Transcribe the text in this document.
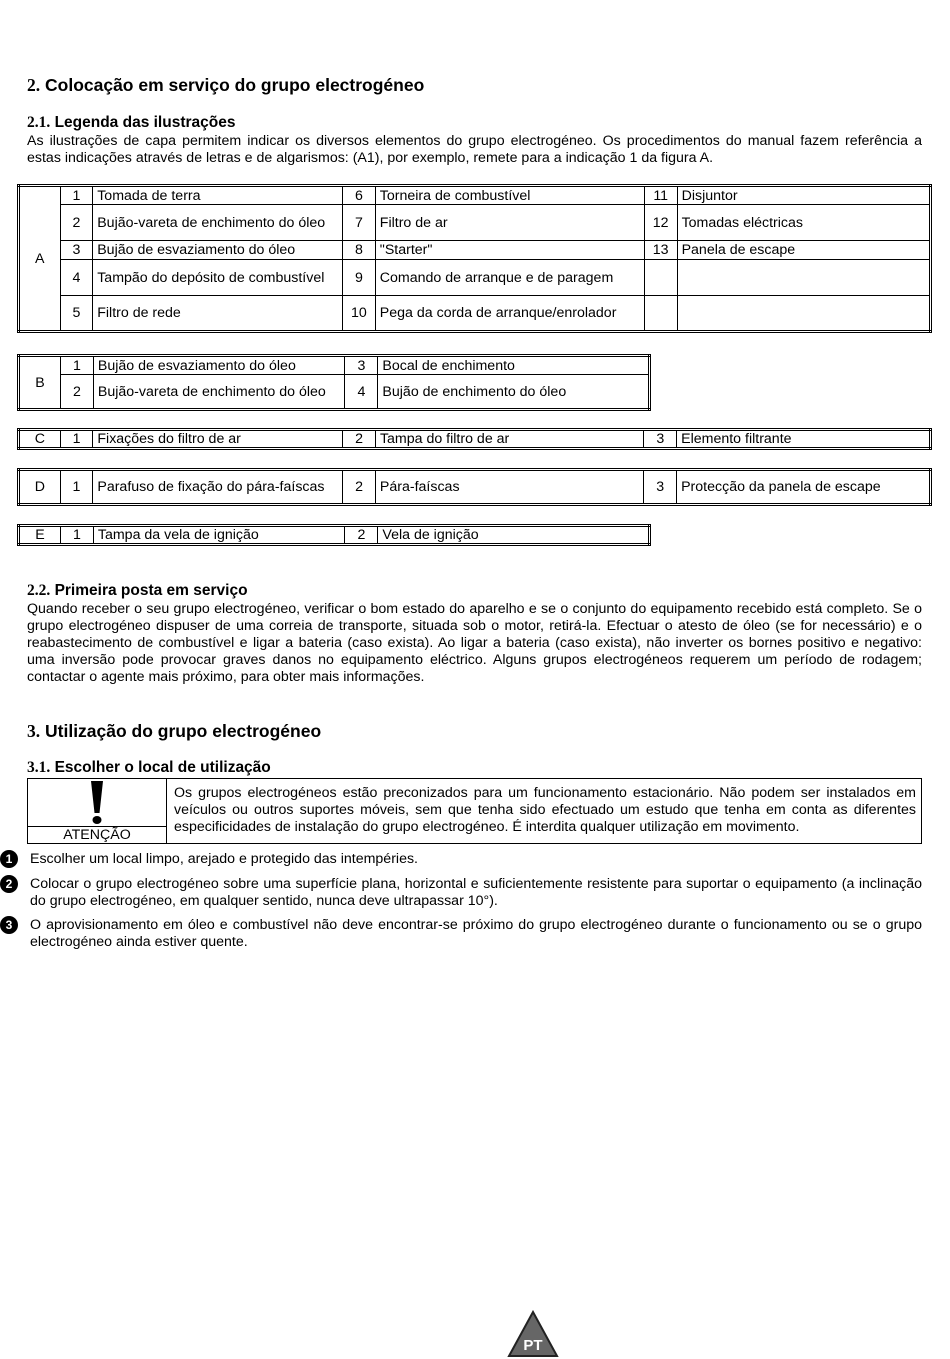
2. Colocação em serviço do grupo electrogéneo
2.1. Legenda das ilustrações
As ilustrações de capa permitem indicar os diversos elementos do grupo electrogéneo. Os procedimentos do manual fazem referência a estas indicações através de letras e de algarismos: (A1), por exemplo, remete para a indicação 1 da figura A.
A	1	Tomada de terra	6	Torneira de combustível	11	Disjuntor
	2	Bujão-vareta de enchimento do óleo	7	Filtro de ar	12	Tomadas eléctricas
	3	Bujão de esvaziamento do óleo	8	"Starter"	13	Panela de escape
	4	Tampão do depósito de combustível	9	Comando de arranque e de paragem		
	5	Filtro de rede	10	Pega da corda de arranque/enrolador		
B	1	Bujão de esvaziamento do óleo	3	Bocal de enchimento
	2	Bujão-vareta de enchimento do óleo	4	Bujão de enchimento do óleo
C	1	Fixações do filtro de ar	2	Tampa do filtro de ar	3	Elemento filtrante
D	1	Parafuso de fixação do pára-faíscas	2	Pára-faíscas	3	Protecção da panela de escape
E	1	Tampa da vela de ignição	2	Vela de ignição
2.2. Primeira posta em serviço
Quando receber o seu grupo electrogéneo, verificar o bom estado do aparelho e se o conjunto do equipamento recebido está completo. Se o grupo electrogéneo dispuser de uma correia de transporte, situada sob o motor, retirá-la. Efectuar o atesto de óleo (se for necessário) e o reabastecimento de combustível e ligar a bateria (caso exista). Ao ligar a bateria (caso exista), não inverter os bornes positivo e negativo: uma inversão pode provocar graves danos no equipamento eléctrico. Alguns grupos electrogéneos requerem um período de rodagem; contactar o agente mais próximo, para obter mais informações.
3. Utilização do grupo electrogéneo
3.1. Escolher o local de utilização
ATENÇÃO
Os grupos electrogéneos estão preconizados para um funcionamento estacionário. Não podem ser instalados em veículos ou outros suportes móveis, sem que tenha sido efectuado um estudo que tenha em conta as diferentes especificidades de instalação do grupo electrogéneo. É interdita qualquer utilização em movimento.
1	Escolher um local limpo, arejado e protegido das intempéries.
2	Colocar o grupo electrogéneo sobre uma superfície plana, horizontal e suficientemente resistente para suportar o equipamento (a inclinação do grupo electrogéneo, em qualquer sentido, nunca deve ultrapassar 10°).
3	O aprovisionamento em óleo e combustível não deve encontrar-se próximo do grupo electrogéneo durante o funcionamento ou se o grupo electrogéneo ainda estiver quente.
PT
